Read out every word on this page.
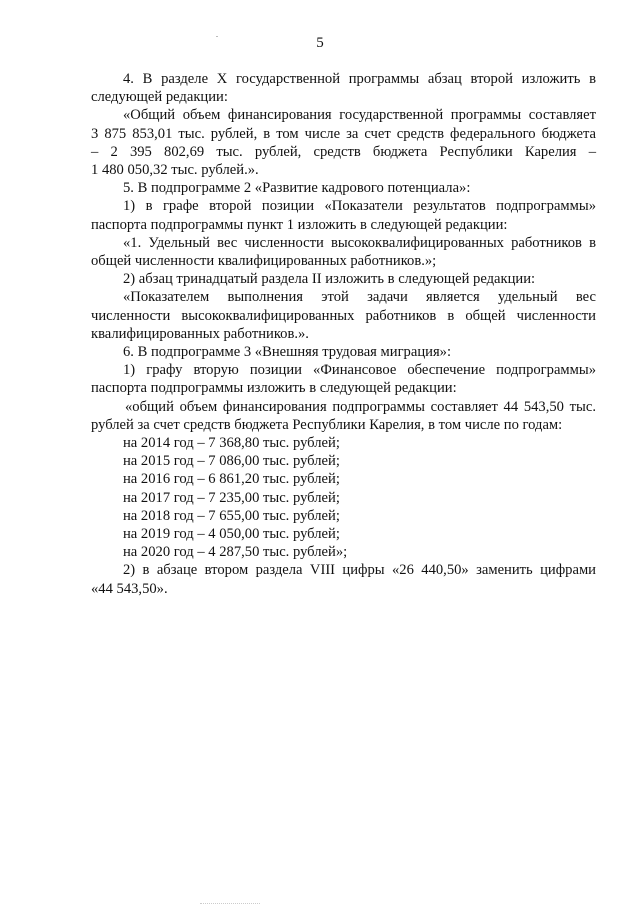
5

4. В разделе X государственной программы абзац второй изложить в

следующей редакции:

«Общий объем финансирования государственной программы составляет

3 875 853,01 тыс. рублей, в том числе за счет средств федерального бюджета

– 2 395 802,69 тыс. рублей, средств бюджета Республики Карелия –

1 480 050,32 тыс. рублей.».

5. В подпрограмме 2 «Развитие кадрового потенциала»:

1) в графе второй позиции «Показатели результатов подпрограммы»

паспорта подпрограммы пункт 1 изложить в следующей редакции:

«1. Удельный вес численности высококвалифицированных работников в

общей численности квалифицированных работников.»;

2) абзац тринадцатый раздела II изложить в следующей редакции:

«Показателем выполнения этой задачи является удельный вес

численности высококвалифицированных работников в общей численности

квалифицированных работников.».

6. В подпрограмме 3 «Внешняя трудовая миграция»:

1) графу вторую позиции «Финансовое обеспечение подпрограммы»

паспорта подпрограммы изложить в следующей редакции:

«общий объем финансирования подпрограммы составляет 44 543,50 тыс.

рублей за счет средств бюджета Республики Карелия, в том числе по годам:

на 2014 год – 7 368,80 тыс. рублей;

на 2015 год – 7 086,00 тыс. рублей;

на 2016 год – 6 861,20 тыс. рублей;

на 2017 год – 7 235,00 тыс. рублей;

на 2018 год – 7 655,00 тыс. рублей;

на 2019 год – 4 050,00 тыс. рублей;

на 2020 год – 4 287,50 тыс. рублей»;

2) в абзаце втором раздела VIII цифры «26 440,50» заменить цифрами

«44 543,50».
